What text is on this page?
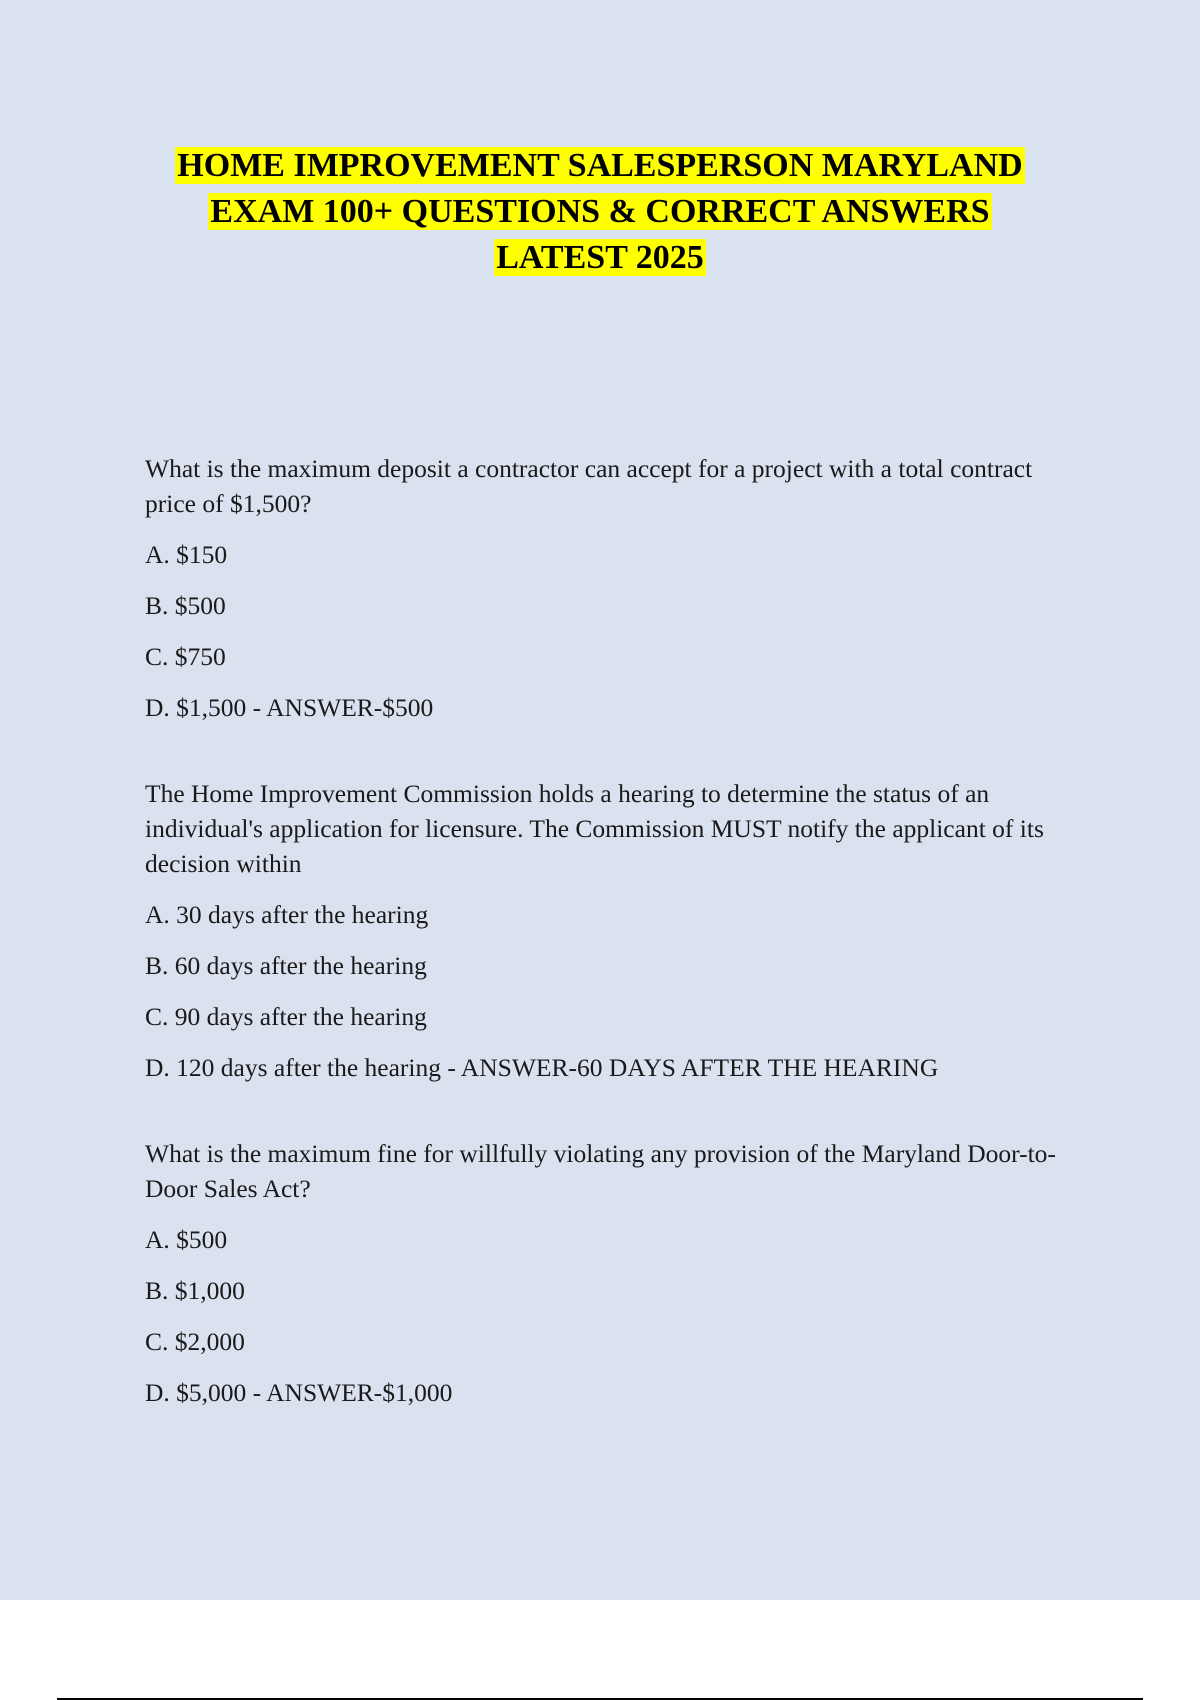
HOME IMPROVEMENT SALESPERSON MARYLAND
EXAM 100+ QUESTIONS & CORRECT ANSWERS
LATEST 2025

What is the maximum deposit a contractor can accept for a project with a total contract price of $1,500?

A. $150

B. $500

C. $750

D. $1,500 - ANSWER-$500

The Home Improvement Commission holds a hearing to determine the status of an individual's application for licensure. The Commission MUST notify the applicant of its decision within

A. 30 days after the hearing

B. 60 days after the hearing

C. 90 days after the hearing

D. 120 days after the hearing - ANSWER-60 DAYS AFTER THE HEARING

What is the maximum fine for willfully violating any provision of the Maryland Door-to-Door Sales Act?

A. $500

B. $1,000

C. $2,000

D. $5,000 - ANSWER-$1,000
